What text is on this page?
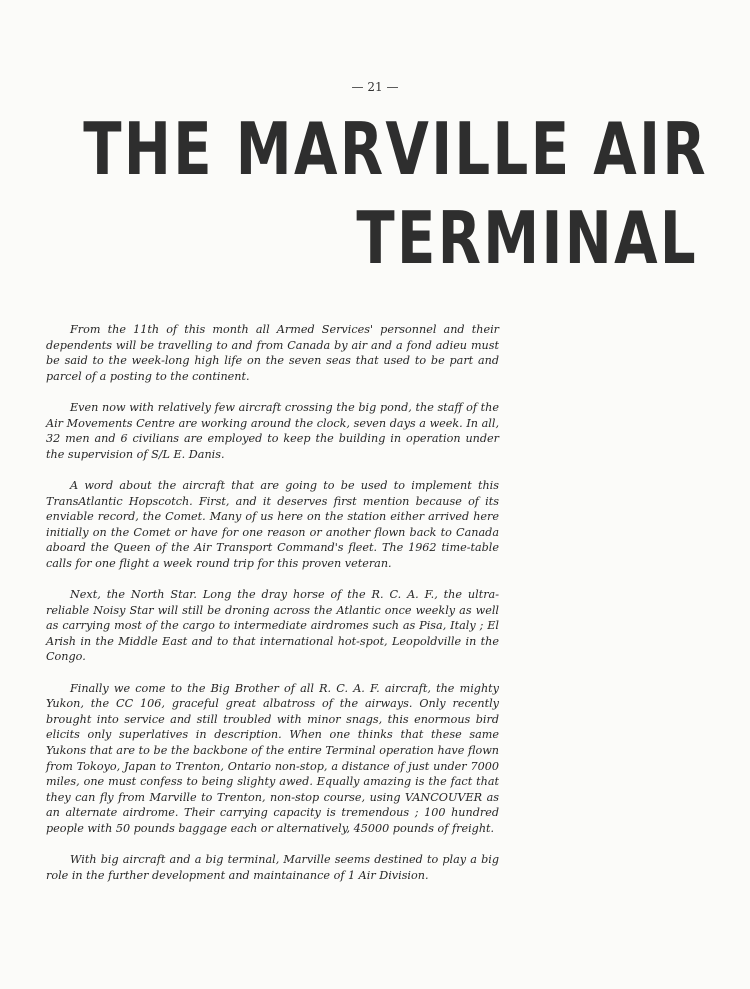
— 21 —
THE MARVILLE AIR
TERMINAL

From the 11th of this month all Armed Services' personnel and their dependents will be travelling to and from Canada by air and a fond adieu must be said to the week-long high life on the seven seas that used to be part and parcel of a posting to the continent.

Even now with relatively few aircraft crossing the big pond, the staff of the Air Movements Centre are working around the clock, seven days a week. In all, 32 men and 6 civilians are employed to keep the building in operation under the supervision of S/L E. Danis.

A word about the aircraft that are going to be used to implement this TransAtlantic Hopscotch. First, and it deserves first mention because of its enviable record, the Comet. Many of us here on the station either arrived here initially on the Comet or have for one reason or another flown back to Canada aboard the Queen of the Air Transport Command's fleet. The 1962 time-table calls for one flight a week round trip for this proven veteran.

Next, the North Star. Long the dray horse of the R. C. A. F., the ultra-reliable Noisy Star will still be droning across the Atlantic once weekly as well as carrying most of the cargo to intermediate airdromes such as Pisa, Italy ; El Arish in the Middle East and to that international hot-spot, Leopoldville in the Congo.

Finally we come to the Big Brother of all R. C. A. F. aircraft, the mighty Yukon, the CC 106, graceful great albatross of the airways. Only recently brought into service and still troubled with minor snags, this enormous bird elicits only superlatives in description. When one thinks that these same Yukons that are to be the backbone of the entire Terminal operation have flown from Tokoyo, Japan to Trenton, Ontario non-stop, a distance of just under 7000 miles, one must confess to being slighty awed. Equally amazing is the fact that they can fly from Marville to Trenton, non-stop course, using VANCOUVER as an alternate airdrome. Their carrying capacity is tremendous ; 100 hundred people with 50 pounds baggage each or alternatively, 45000 pounds of freight.

With big aircraft and a big terminal, Marville seems destined to play a big role in the further development and maintainance of 1 Air Division.
